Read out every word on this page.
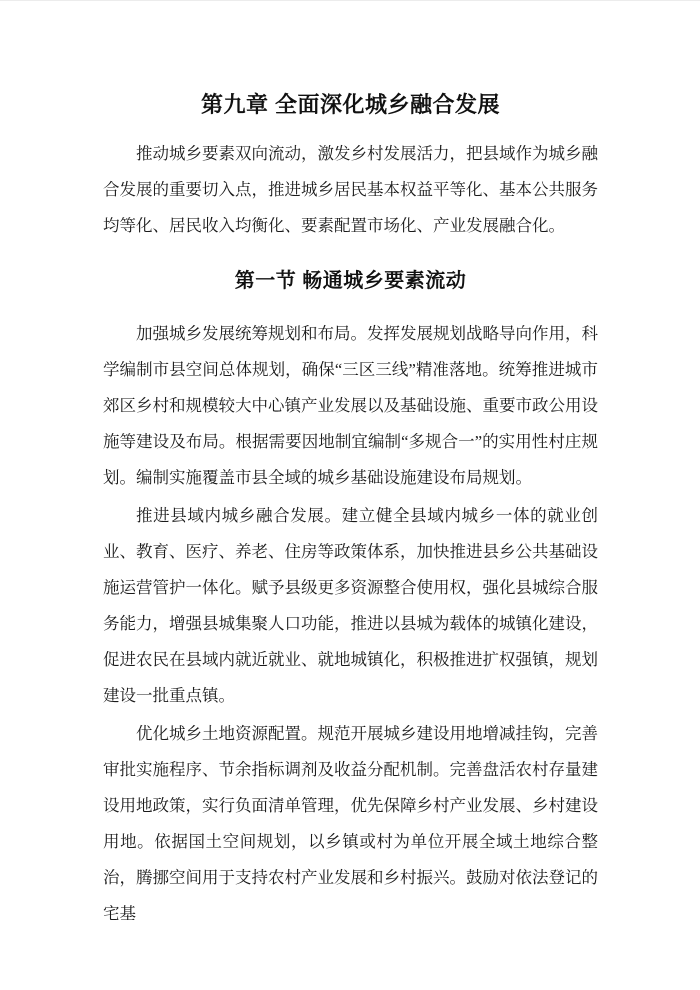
第九章 全面深化城乡融合发展

推动城乡要素双向流动，激发乡村发展活力，把县域作为城乡融合发展的重要切入点，推进城乡居民基本权益平等化、基本公共服务均等化、居民收入均衡化、要素配置市场化、产业发展融合化。

第一节 畅通城乡要素流动

加强城乡发展统筹规划和布局。发挥发展规划战略导向作用，科学编制市县空间总体规划，确保“三区三线”精准落地。统筹推进城市郊区乡村和规模较大中心镇产业发展以及基础设施、重要市政公用设施等建设及布局。根据需要因地制宜编制“多规合一”的实用性村庄规划。编制实施覆盖市县全域的城乡基础设施建设布局规划。

推进县域内城乡融合发展。建立健全县域内城乡一体的就业创业、教育、医疗、养老、住房等政策体系，加快推进县乡公共基础设施运营管护一体化。赋予县级更多资源整合使用权，强化县城综合服务能力，增强县城集聚人口功能，推进以县城为载体的城镇化建设，促进农民在县域内就近就业、就地城镇化，积极推进扩权强镇，规划建设一批重点镇。

优化城乡土地资源配置。规范开展城乡建设用地增减挂钩，完善审批实施程序、节余指标调剂及收益分配机制。完善盘活农村存量建设用地政策，实行负面清单管理，优先保障乡村产业发展、乡村建设用地。依据国土空间规划，以乡镇或村为单位开展全域土地综合整治，腾挪空间用于支持农村产业发展和乡村振兴。鼓励对依法登记的宅基
